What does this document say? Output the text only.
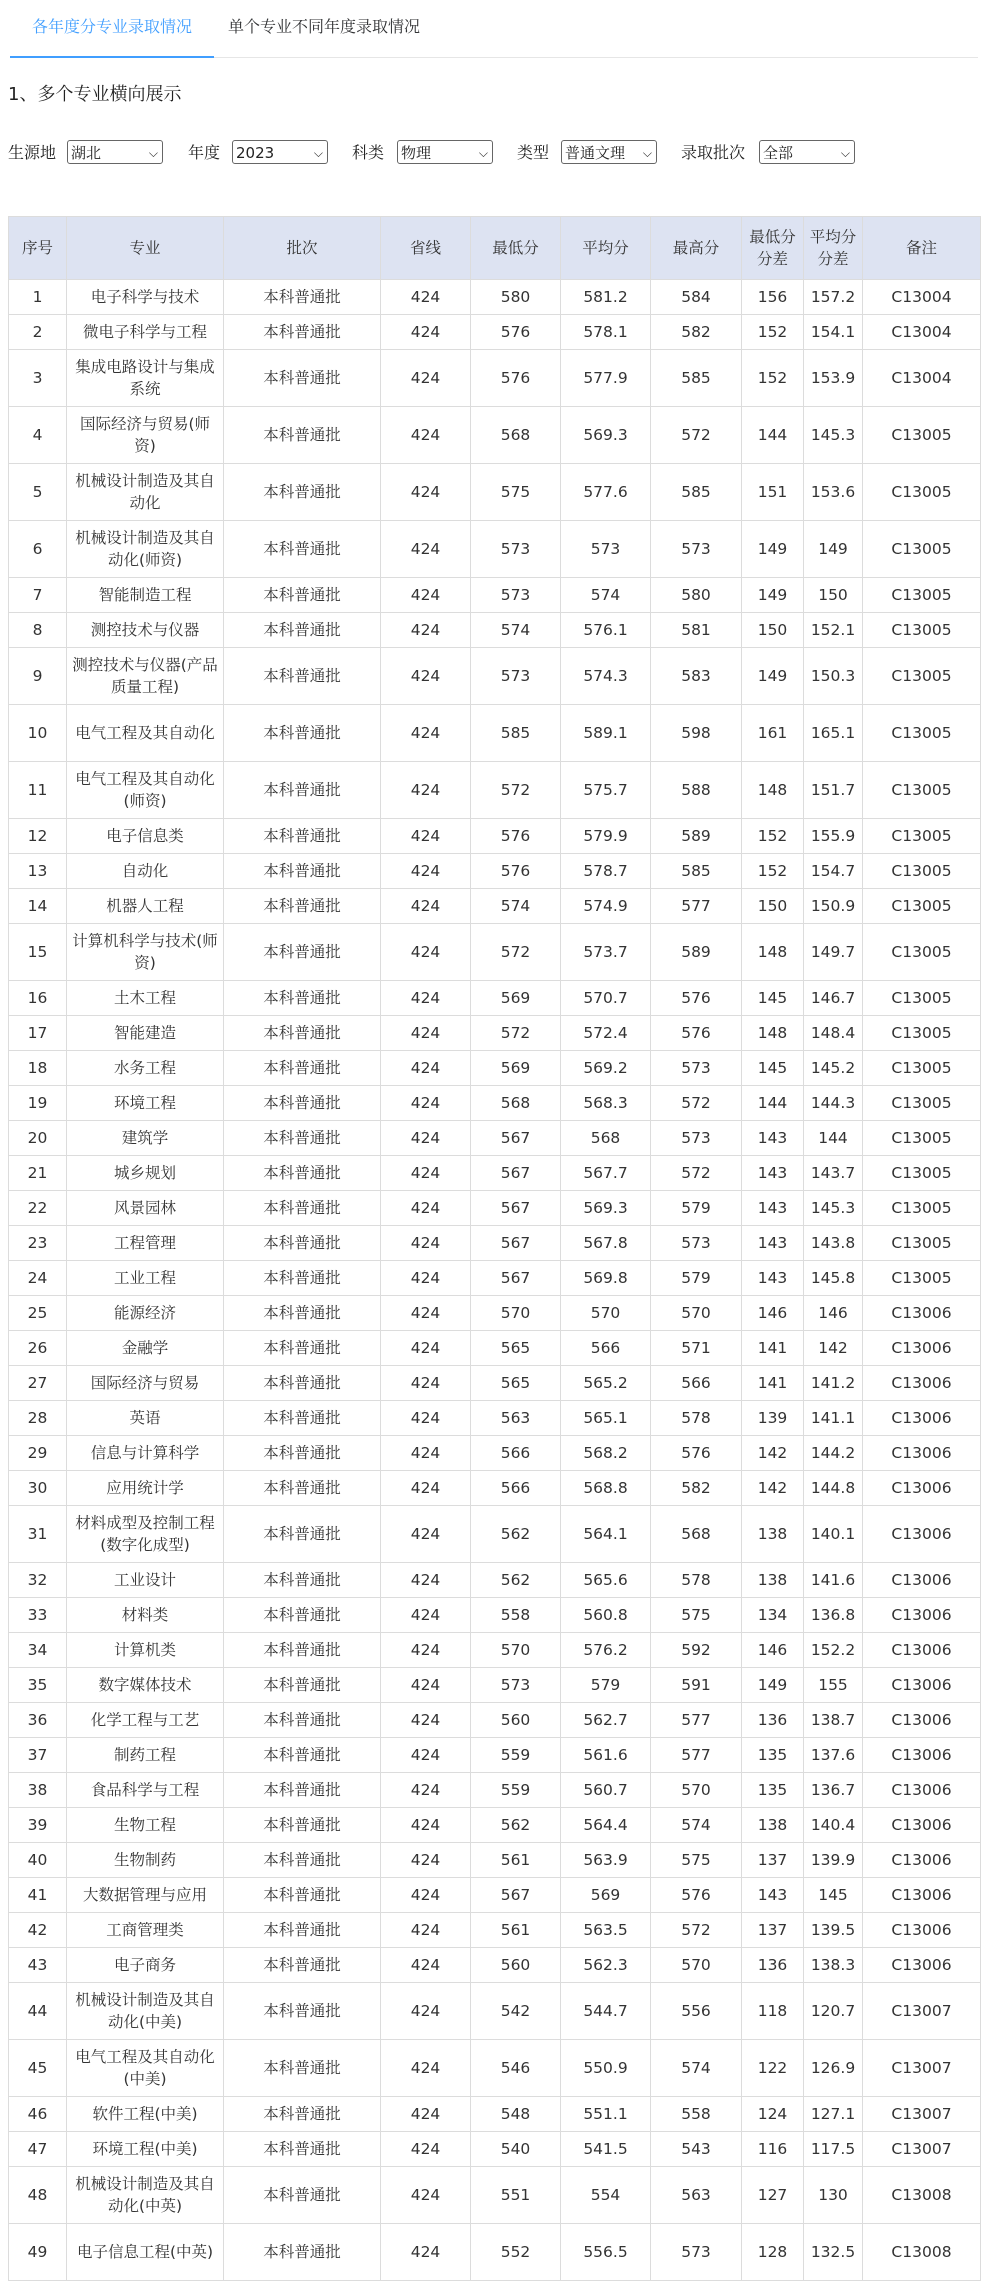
各年度分专业录取情况 单个专业不同年度录取情况
1、多个专业横向展示
生源地 湖北	⌵ 年度 2023	⌵ 科类 物理	⌵ 类型 普通文理 ⌵ 录取批次 全部	⌵
序号	专业	批次	省线	最低分	平均分	最高分	最低分分差	平均分分差	备注
1	电子科学与技术	本科普通批	424	580	581.2	584	156	157.2	C13004
2	微电子科学与工程	本科普通批	424	576	578.1	582	152	154.1	C13004
3	集成电路设计与集成系统	本科普通批	424	576	577.9	585	152	153.9	C13004
4	国际经济与贸易(师资)	本科普通批	424	568	569.3	572	144	145.3	C13005
5	机械设计制造及其自动化	本科普通批	424	575	577.6	585	151	153.6	C13005
6	机械设计制造及其自动化(师资)	本科普通批	424	573	573	573	149	149	C13005
7	智能制造工程	本科普通批	424	573	574	580	149	150	C13005
8	测控技术与仪器	本科普通批	424	574	576.1	581	150	152.1	C13005
9	测控技术与仪器(产品质量工程)	本科普通批	424	573	574.3	583	149	150.3	C13005
10	电气工程及其自动化	本科普通批	424	585	589.1	598	161	165.1	C13005
11	电气工程及其自动化(师资)	本科普通批	424	572	575.7	588	148	151.7	C13005
12	电子信息类	本科普通批	424	576	579.9	589	152	155.9	C13005
13	自动化	本科普通批	424	576	578.7	585	152	154.7	C13005
14	机器人工程	本科普通批	424	574	574.9	577	150	150.9	C13005
15	计算机科学与技术(师资)	本科普通批	424	572	573.7	589	148	149.7	C13005
16	土木工程	本科普通批	424	569	570.7	576	145	146.7	C13005
17	智能建造	本科普通批	424	572	572.4	576	148	148.4	C13005
18	水务工程	本科普通批	424	569	569.2	573	145	145.2	C13005
19	环境工程	本科普通批	424	568	568.3	572	144	144.3	C13005
20	建筑学	本科普通批	424	567	568	573	143	144	C13005
21	城乡规划	本科普通批	424	567	567.7	572	143	143.7	C13005
22	风景园林	本科普通批	424	567	569.3	579	143	145.3	C13005
23	工程管理	本科普通批	424	567	567.8	573	143	143.8	C13005
24	工业工程	本科普通批	424	567	569.8	579	143	145.8	C13005
25	能源经济	本科普通批	424	570	570	570	146	146	C13006
26	金融学	本科普通批	424	565	566	571	141	142	C13006
27	国际经济与贸易	本科普通批	424	565	565.2	566	141	141.2	C13006
28	英语	本科普通批	424	563	565.1	578	139	141.1	C13006
29	信息与计算科学	本科普通批	424	566	568.2	576	142	144.2	C13006
30	应用统计学	本科普通批	424	566	568.8	582	142	144.8	C13006
31	材料成型及控制工程(数字化成型)	本科普通批	424	562	564.1	568	138	140.1	C13006
32	工业设计	本科普通批	424	562	565.6	578	138	141.6	C13006
33	材料类	本科普通批	424	558	560.8	575	134	136.8	C13006
34	计算机类	本科普通批	424	570	576.2	592	146	152.2	C13006
35	数字媒体技术	本科普通批	424	573	579	591	149	155	C13006
36	化学工程与工艺	本科普通批	424	560	562.7	577	136	138.7	C13006
37	制药工程	本科普通批	424	559	561.6	577	135	137.6	C13006
38	食品科学与工程	本科普通批	424	559	560.7	570	135	136.7	C13006
39	生物工程	本科普通批	424	562	564.4	574	138	140.4	C13006
40	生物制药	本科普通批	424	561	563.9	575	137	139.9	C13006
41	大数据管理与应用	本科普通批	424	567	569	576	143	145	C13006
42	工商管理类	本科普通批	424	561	563.5	572	137	139.5	C13006
43	电子商务	本科普通批	424	560	562.3	570	136	138.3	C13006
44	机械设计制造及其自动化(中美)	本科普通批	424	542	544.7	556	118	120.7	C13007
45	电气工程及其自动化(中美)	本科普通批	424	546	550.9	574	122	126.9	C13007
46	软件工程(中美)	本科普通批	424	548	551.1	558	124	127.1	C13007
47	环境工程(中美)	本科普通批	424	540	541.5	543	116	117.5	C13007
48	机械设计制造及其自动化(中英)	本科普通批	424	551	554	563	127	130	C13008
49	电子信息工程(中英)	本科普通批	424	552	556.5	573	128	132.5	C13008
